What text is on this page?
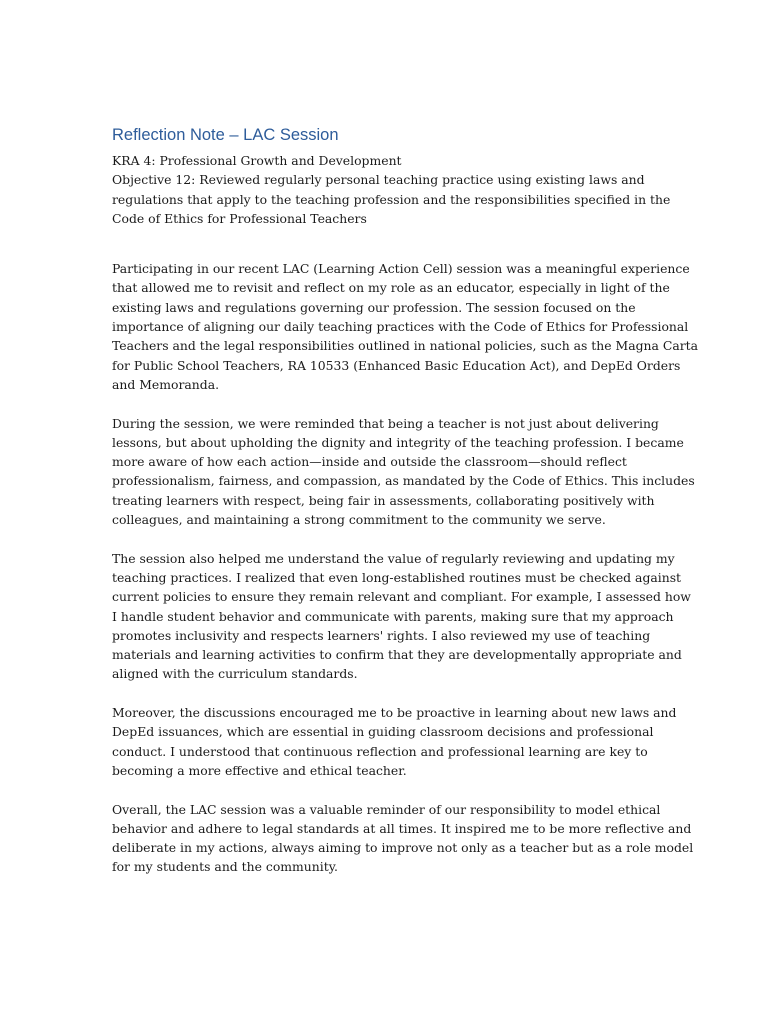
Reflection Note – LAC Session

KRA 4: Professional Growth and Development

Objective 12: Reviewed regularly personal teaching practice using existing laws and
regulations that apply to the teaching profession and the responsibilities specified in the
Code of Ethics for Professional Teachers

Participating in our recent LAC (Learning Action Cell) session was a meaningful experience
that allowed me to revisit and reflect on my role as an educator, especially in light of the
existing laws and regulations governing our profession. The session focused on the
importance of aligning our daily teaching practices with the Code of Ethics for Professional
Teachers and the legal responsibilities outlined in national policies, such as the Magna Carta
for Public School Teachers, RA 10533 (Enhanced Basic Education Act), and DepEd Orders
and Memoranda.

During the session, we were reminded that being a teacher is not just about delivering
lessons, but about upholding the dignity and integrity of the teaching profession. I became
more aware of how each action—inside and outside the classroom—should reflect
professionalism, fairness, and compassion, as mandated by the Code of Ethics. This includes
treating learners with respect, being fair in assessments, collaborating positively with
colleagues, and maintaining a strong commitment to the community we serve.

The session also helped me understand the value of regularly reviewing and updating my
teaching practices. I realized that even long-established routines must be checked against
current policies to ensure they remain relevant and compliant. For example, I assessed how
I handle student behavior and communicate with parents, making sure that my approach
promotes inclusivity and respects learners' rights. I also reviewed my use of teaching
materials and learning activities to confirm that they are developmentally appropriate and
aligned with the curriculum standards.

Moreover, the discussions encouraged me to be proactive in learning about new laws and
DepEd issuances, which are essential in guiding classroom decisions and professional
conduct. I understood that continuous reflection and professional learning are key to
becoming a more effective and ethical teacher.

Overall, the LAC session was a valuable reminder of our responsibility to model ethical
behavior and adhere to legal standards at all times. It inspired me to be more reflective and
deliberate in my actions, always aiming to improve not only as a teacher but as a role model
for my students and the community.
